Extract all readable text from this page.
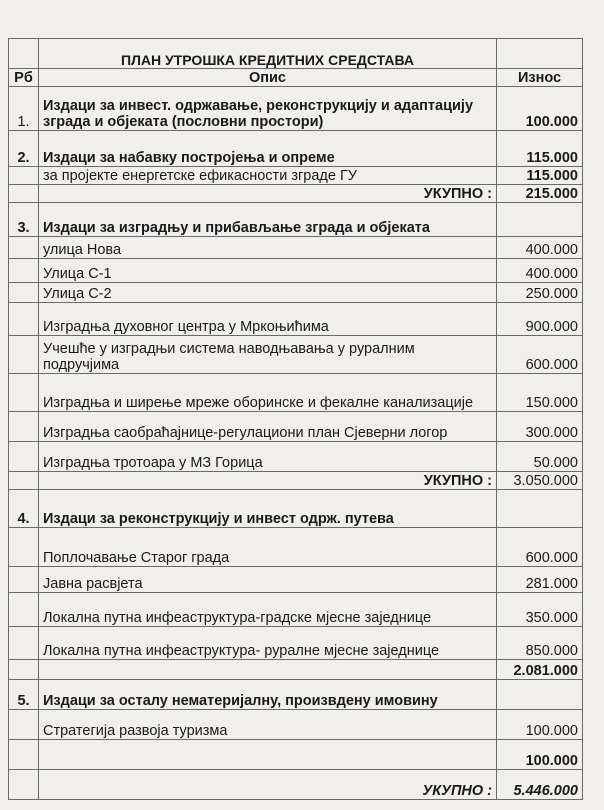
	ПЛАН УТРОШКА КРЕДИТНИХ СРЕДСТАВА	
Рб	Опис	Износ
1.	Издаци за инвест. одржавање, реконструкцију и адаптацију зграда и објеката (пословни простори)	100.000
2.	Издаци за набавку постројења и опреме	115.000
	за пројекте енергетске ефикасности зграде ГУ	115.000
	УКУПНО :	215.000
3.	Издаци за изградњу и прибављање зграда и објеката	
	улица Нова	400.000
	Улица С-1	400.000
	Улица С-2	250.000
	Изградња духовног центра у Мркоњићима	900.000
	Учешће у изградњи система наводњавања у руралним подручјима	600.000
	Изградња и ширење мреже оборинске и фекалне канализације	150.000
	Изградња саобраћајнице-регулациони план Сјеверни логор	300.000
	Изградња тротоара у МЗ Горица	50.000
	УКУПНО :	3.050.000
4.	Издаци за реконструкцију и инвест одрж. путева	
	Поплочавање Старог града	600.000
	Јавна расвјета	281.000
	Локална путна инфеаструктура-градске мјесне заједнице	350.000
	Локална путна инфеаструктура- руралне мјесне заједнице	850.000
		2.081.000
5.	Издаци за осталу нематеријалну, произвдену имовину	
	Стратегија развоја туризма	100.000
		100.000
	УКУПНО :	5.446.000
